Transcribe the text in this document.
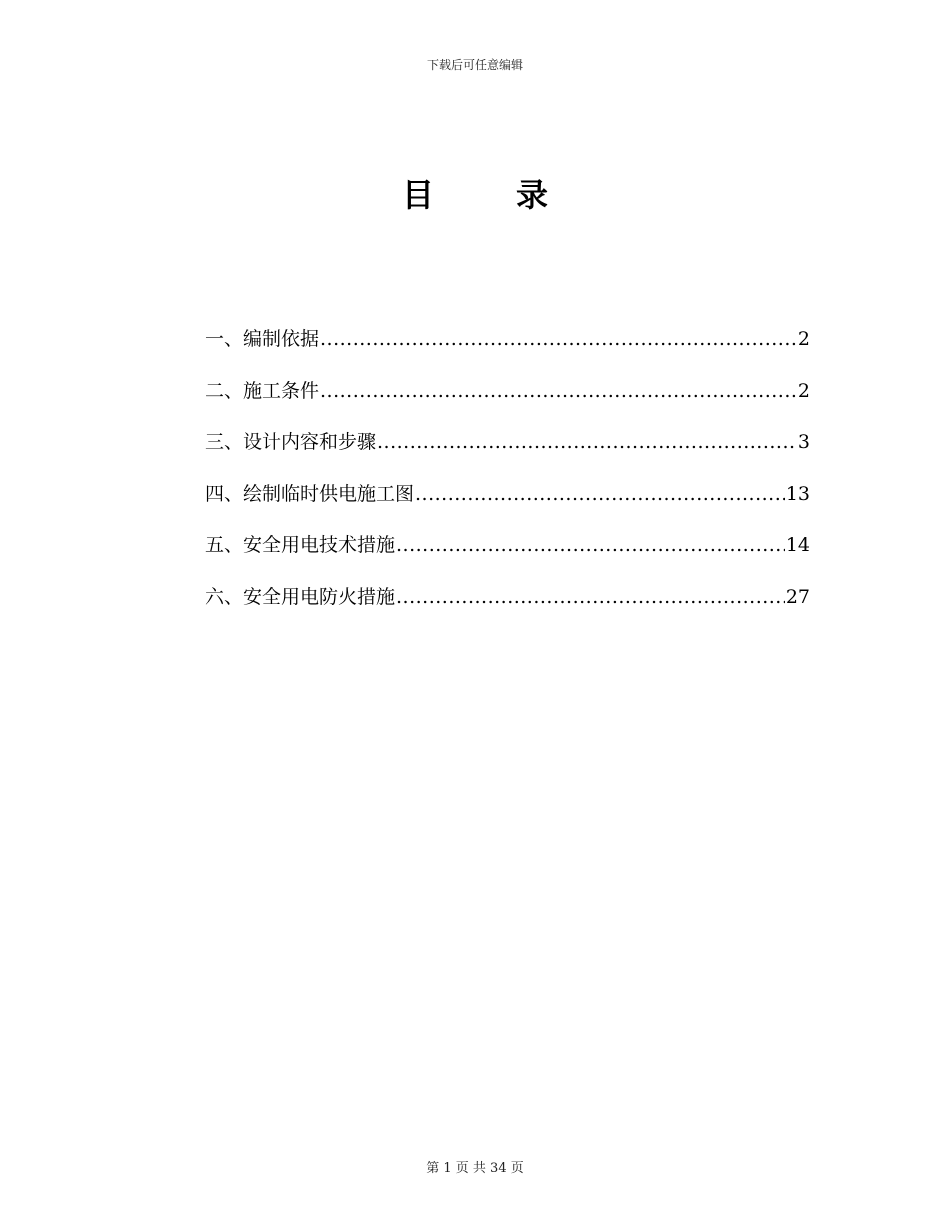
下载后可任意编辑
目	录
一、编制依据 .....	2
二、施工条件 .....	2
三、设计内容和步骤 .....	3
四、绘制临时供电施工图 .....	13
五、安全用电技术措施 .....	14
六、安全用电防火措施 .....	27
第 1 页 共 34 页
